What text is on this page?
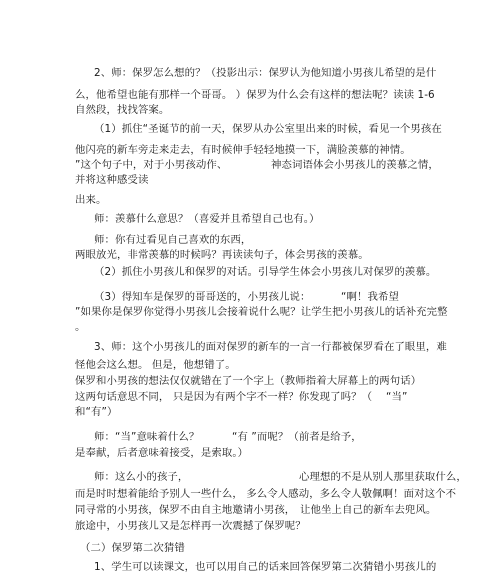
2、师：保罗怎么想的？（投影出示：保罗认为他知道小男孩儿希望的是什
么，他希望也能有那样一个哥哥。 ）保罗为什么会有这样的想法呢？读读 1-6
自然段，找找答案。
（1）抓住“圣诞节的前一天，保罗从办公室里出来的时候，看见一个男孩在
他闪亮的新车旁走来走去，有时候伸手轻轻地摸一下，满脸羡慕的神情。
”这个句子中，对于小男孩动作、	神态词语体会小男孩儿的羡慕之情，
并将这种感受读
出来。
师：羡慕什么意思？（喜爱并且希望自己也有。）
师：你有过看见自己喜欢的东西，
两眼放光，非常羡慕的时候吗？再读读句子，体会男孩的羡慕。
（2）抓住小男孩儿和保罗的对话。引导学生体会小男孩儿对保罗的羡慕。
（3）得知车是保罗的哥哥送的，小男孩儿说：	“啊！我希望
”如果你是保罗你觉得小男孩儿会接着说什么呢？让学生把小男孩儿的话补充完整
。
3、师：这个小男孩儿的面对保罗的新车的一言一行都被保罗看在了眼里，难
怪他会这么想。 但是，他想错了。
保罗和小男孩的想法仅仅就错在了一个字上（教师指着大屏幕上的两句话）
这两句话意思不同， 只是因为有两个字不一样？你发现了吗？（ “当”
和“有”）
师：“当”意味着什么？	“有 ”而呢？（前者是给予，
是奉献，后者意味着接受，是索取。）
师：这么小的孩子，	心理想的不是从别人那里获取什么，
而是时时想着能给予别人一些什么， 多么令人感动，多么令人敬佩啊！面对这个不
同寻常的小男孩，保罗不由自主地邀请小男孩， 让他坐上自己的新车去兜风。
旅途中，小男孩儿又是怎样再一次震撼了保罗呢？
（二）保罗第二次猜错
1、学生可以读课文，也可以用自己的话来回答保罗第二次猜错小男孩儿的
